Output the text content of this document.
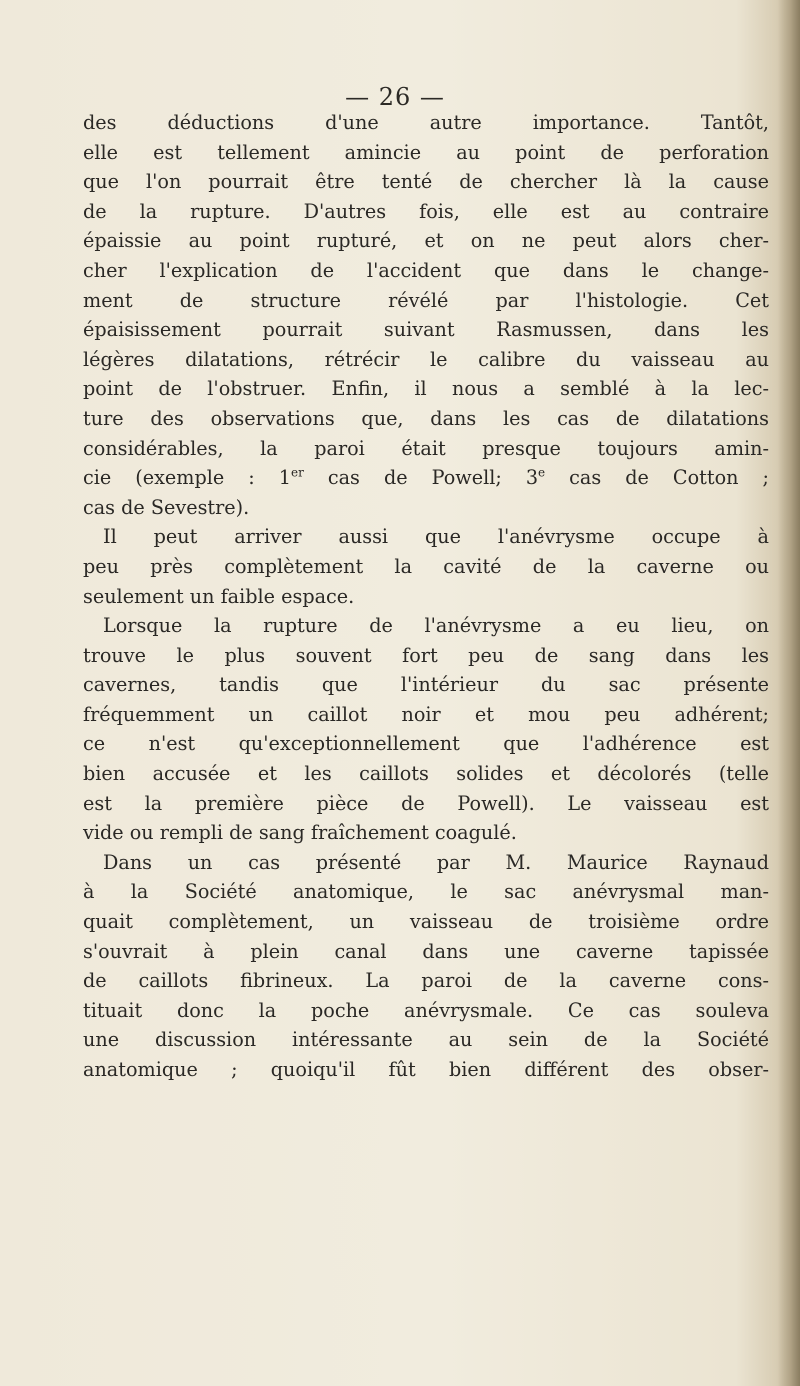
— 26 —
des déductions d'une autre importance. Tantôt,
elle est tellement amincie au point de perforation
que l'on pourrait être tenté de chercher là la cause
de la rupture. D'autres fois, elle est au contraire
épaissie au point rupturé, et on ne peut alors cher-
cher l'explication de l'accident que dans le change-
ment de structure révélé par l'histologie. Cet
épaisissement pourrait suivant Rasmussen, dans les
légères dilatations, rétrécir le calibre du vaisseau au
point de l'obstruer. Enfin, il nous a semblé à la lec-
ture des observations que, dans les cas de dilatations
considérables, la paroi était presque toujours amin-
cie (exemple : 1er cas de Powell; 3e cas de Cotton ;
cas de Sevestre).
Il peut arriver aussi que l'anévrysme occupe à
peu près complètement la cavité de la caverne ou
seulement un faible espace.
Lorsque la rupture de l'anévrysme a eu lieu, on
trouve le plus souvent fort peu de sang dans les
cavernes, tandis que l'intérieur du sac présente
fréquemment un caillot noir et mou peu adhérent;
ce n'est qu'exceptionnellement que l'adhérence est
bien accusée et les caillots solides et décolorés (telle
est la première pièce de Powell). Le vaisseau est
vide ou rempli de sang fraîchement coagulé.
Dans un cas présenté par M. Maurice Raynaud
à la Société anatomique, le sac anévrysmal man-
quait complètement, un vaisseau de troisième ordre
s'ouvrait à plein canal dans une caverne tapissée
de caillots fibrineux. La paroi de la caverne cons-
tituait donc la poche anévrysmale. Ce cas souleva
une discussion intéressante au sein de la Société
anatomique ; quoiqu'il fût bien différent des obser-
